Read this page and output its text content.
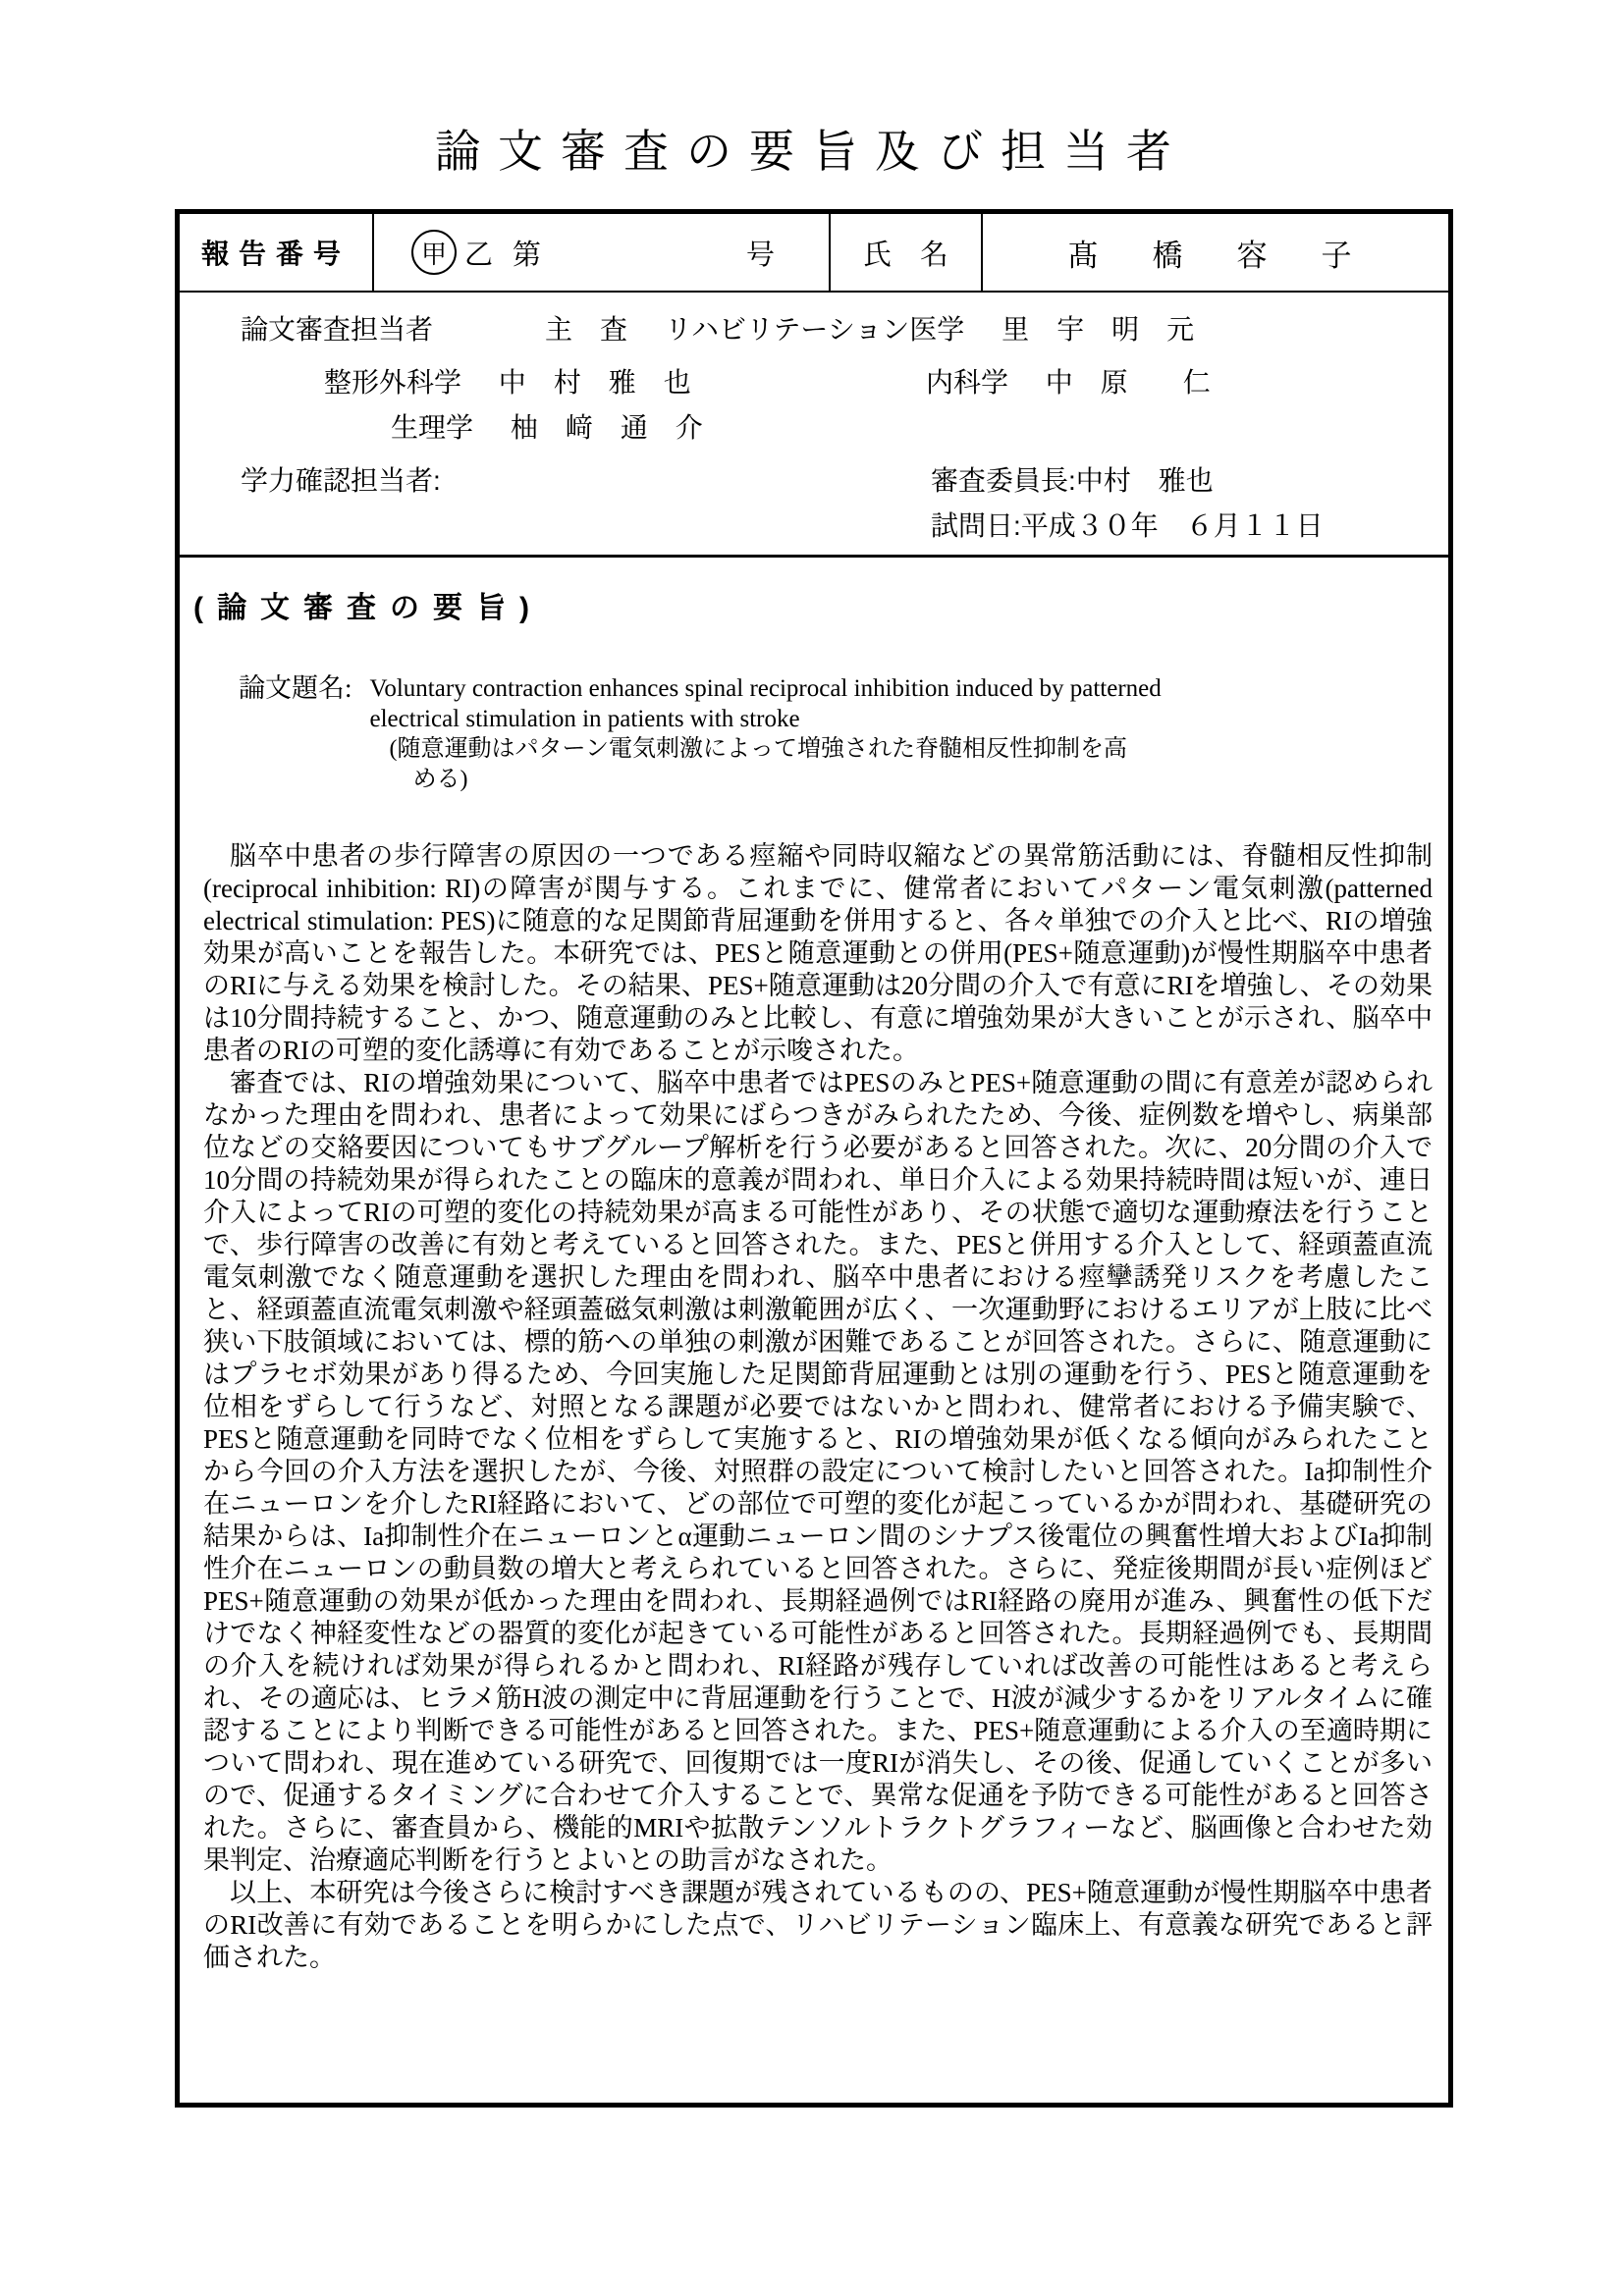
論文審査の要旨及び担当者
報告番号	甲 乙 第	号	氏　名	髙　橋　容　子
論文審査担当者	主　査 リハビリテーション医学 里　宇　明　元
整形外科学 中　村　雅　也	内科学 中　原　　仁
生理学 柚　﨑　通　介
学力確認担当者:	審査委員長:中村　雅也
試問日:平成３０年　６月１１日
(論文審査の要旨)
論文題名: Voluntary contraction enhances spinal reciprocal inhibition induced by patterned
electrical stimulation in patients with stroke
(随意運動はパターン電気刺激によって増強された脊髄相反性抑制を高
める)

脳卒中患者の歩行障害の原因の一つである痙縮や同時収縮などの異常筋活動には、脊髄相反性抑制(reciprocal inhibition: RI)の障害が関与する。これまでに、健常者においてパターン電気刺激(patterned electrical stimulation: PES)に随意的な足関節背屈運動を併用すると、各々単独での介入と比べ、RIの増強効果が高いことを報告した。本研究では、PESと随意運動との併用(PES+随意運動)が慢性期脳卒中患者のRIに与える効果を検討した。その結果、PES+随意運動は20分間の介入で有意にRIを増強し、その効果は10分間持続すること、かつ、随意運動のみと比較し、有意に増強効果が大きいことが示され、脳卒中患者のRIの可塑的変化誘導に有効であることが示唆された。

審査では、RIの増強効果について、脳卒中患者ではPESのみとPES+随意運動の間に有意差が認められなかった理由を問われ、患者によって効果にばらつきがみられたため、今後、症例数を増やし、病巣部位などの交絡要因についてもサブグループ解析を行う必要があると回答された。次に、20分間の介入で10分間の持続効果が得られたことの臨床的意義が問われ、単日介入による効果持続時間は短いが、連日介入によってRIの可塑的変化の持続効果が高まる可能性があり、その状態で適切な運動療法を行うことで、歩行障害の改善に有効と考えていると回答された。また、PESと併用する介入として、経頭蓋直流電気刺激でなく随意運動を選択した理由を問われ、脳卒中患者における痙攣誘発リスクを考慮したこと、経頭蓋直流電気刺激や経頭蓋磁気刺激は刺激範囲が広く、一次運動野におけるエリアが上肢に比べ狭い下肢領域においては、標的筋への単独の刺激が困難であることが回答された。さらに、随意運動にはプラセボ効果があり得るため、今回実施した足関節背屈運動とは別の運動を行う、PESと随意運動を位相をずらして行うなど、対照となる課題が必要ではないかと問われ、健常者における予備実験で、PESと随意運動を同時でなく位相をずらして実施すると、RIの増強効果が低くなる傾向がみられたことから今回の介入方法を選択したが、今後、対照群の設定について検討したいと回答された。Ia抑制性介在ニューロンを介したRI経路において、どの部位で可塑的変化が起こっているかが問われ、基礎研究の結果からは、Ia抑制性介在ニューロンとα運動ニューロン間のシナプス後電位の興奮性増大およびIa抑制性介在ニューロンの動員数の増大と考えられていると回答された。さらに、発症後期間が長い症例ほどPES+随意運動の効果が低かった理由を問われ、長期経過例ではRI経路の廃用が進み、興奮性の低下だけでなく神経変性などの器質的変化が起きている可能性があると回答された。長期経過例でも、長期間の介入を続ければ効果が得られるかと問われ、RI経路が残存していれば改善の可能性はあると考えられ、その適応は、ヒラメ筋H波の測定中に背屈運動を行うことで、H波が減少するかをリアルタイムに確認することにより判断できる可能性があると回答された。また、PES+随意運動による介入の至適時期について問われ、現在進めている研究で、回復期では一度RIが消失し、その後、促通していくことが多いので、促通するタイミングに合わせて介入することで、異常な促通を予防できる可能性があると回答された。さらに、審査員から、機能的MRIや拡散テンソルトラクトグラフィーなど、脳画像と合わせた効果判定、治療適応判断を行うとよいとの助言がなされた。

以上、本研究は今後さらに検討すべき課題が残されているものの、PES+随意運動が慢性期脳卒中患者のRI改善に有効であることを明らかにした点で、リハビリテーション臨床上、有意義な研究であると評価された。
